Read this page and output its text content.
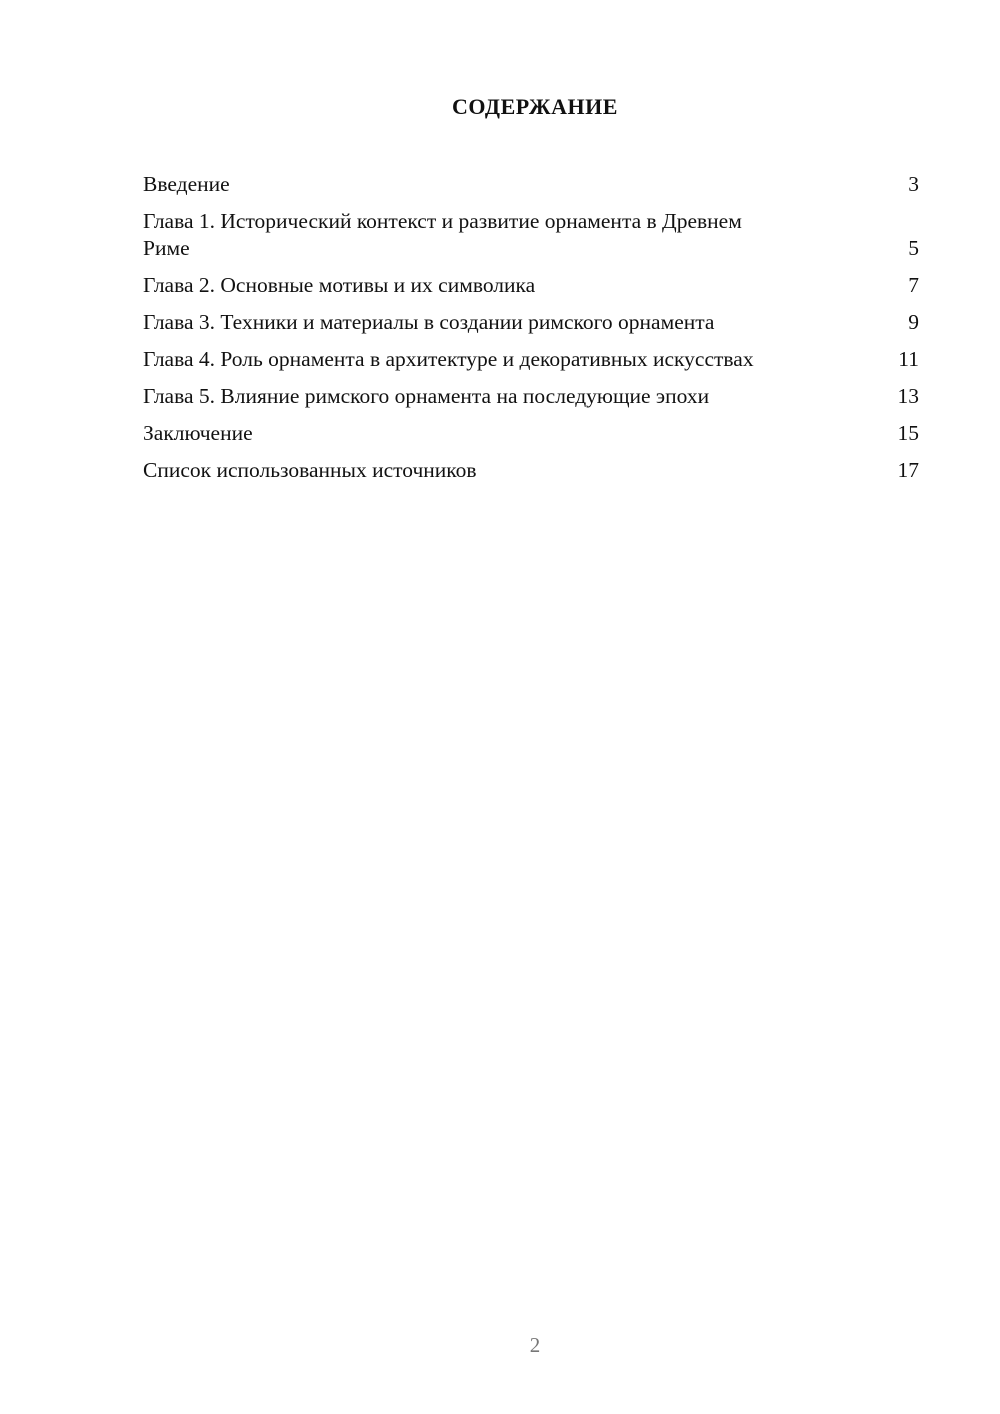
СОДЕРЖАНИЕ
Введение	3
Глава 1. Исторический контекст и развитие орнамента в Древнем Риме	5
Глава 2. Основные мотивы и их символика	7
Глава 3. Техники и материалы в создании римского орнамента	9
Глава 4. Роль орнамента в архитектуре и декоративных искусствах	11
Глава 5. Влияние римского орнамента на последующие эпохи	13
Заключение	15
Список использованных источников	17
2
